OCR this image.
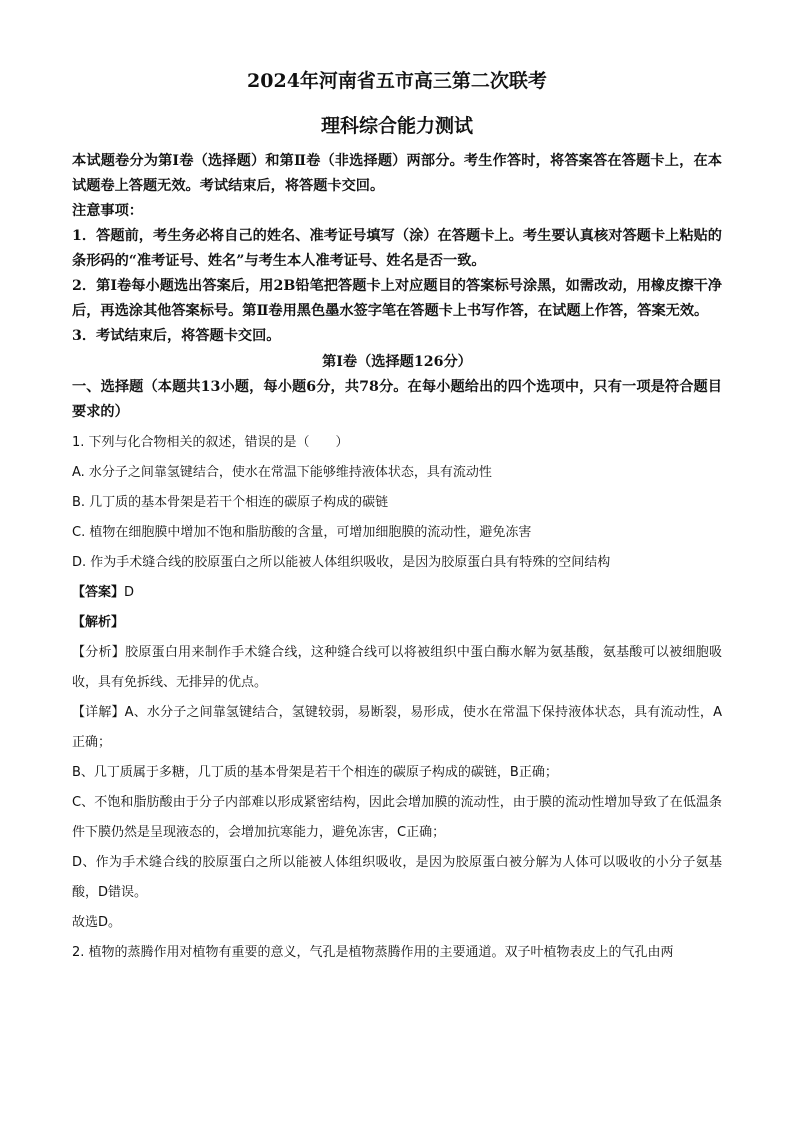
2024年河南省五市高三第二次联考
理科综合能力测试

本试题卷分为第Ⅰ卷（选择题）和第Ⅱ卷（非选择题）两部分。考生作答时，将答案答在答题卡上，在本试题卷上答题无效。考试结束后，将答题卡交回。

注意事项：

1．答题前，考生务必将自己的姓名、准考证号填写（涂）在答题卡上。考生要认真核对答题卡上粘贴的条形码的“准考证号、姓名”与考生本人准考证号、姓名是否一致。

2．第Ⅰ卷每小题选出答案后，用2B铅笔把答题卡上对应题目的答案标号涂黑，如需改动，用橡皮擦干净后，再选涂其他答案标号。第Ⅱ卷用黑色墨水签字笔在答题卡上书写作答，在试题上作答，答案无效。

3．考试结束后，将答题卡交回。

第Ⅰ卷（选择题126分）

一、选择题（本题共13小题，每小题6分，共78分。在每小题给出的四个选项中，只有一项是符合题目要求的）

1. 下列与化合物相关的叙述，错误的是（　　）

A. 水分子之间靠氢键结合，使水在常温下能够维持液体状态，具有流动性

B. 几丁质的基本骨架是若干个相连的碳原子构成的碳链

C. 植物在细胞膜中增加不饱和脂肪酸的含量，可增加细胞膜的流动性，避免冻害

D. 作为手术缝合线的胶原蛋白之所以能被人体组织吸收，是因为胶原蛋白具有特殊的空间结构

【答案】D

【解析】

【分析】胶原蛋白用来制作手术缝合线，这种缝合线可以将被组织中蛋白酶水解为氨基酸，氨基酸可以被细胞吸收，具有免拆线、无排异的优点。

【详解】A、水分子之间靠氢键结合，氢键较弱，易断裂，易形成，使水在常温下保持液体状态，具有流动性，A正确；

B、几丁质属于多糖，几丁质的基本骨架是若干个相连的碳原子构成的碳链，B正确；

C、不饱和脂肪酸由于分子内部难以形成紧密结构，因此会增加膜的流动性，由于膜的流动性增加导致了在低温条件下膜仍然是呈现液态的，会增加抗寒能力，避免冻害，C正确；

D、作为手术缝合线的胶原蛋白之所以能被人体组织吸收，是因为胶原蛋白被分解为人体可以吸收的小分子氨基酸，D错误。

故选D。

2. 植物的蒸腾作用对植物有重要的意义，气孔是植物蒸腾作用的主要通道。双子叶植物表皮上的气孔由两
